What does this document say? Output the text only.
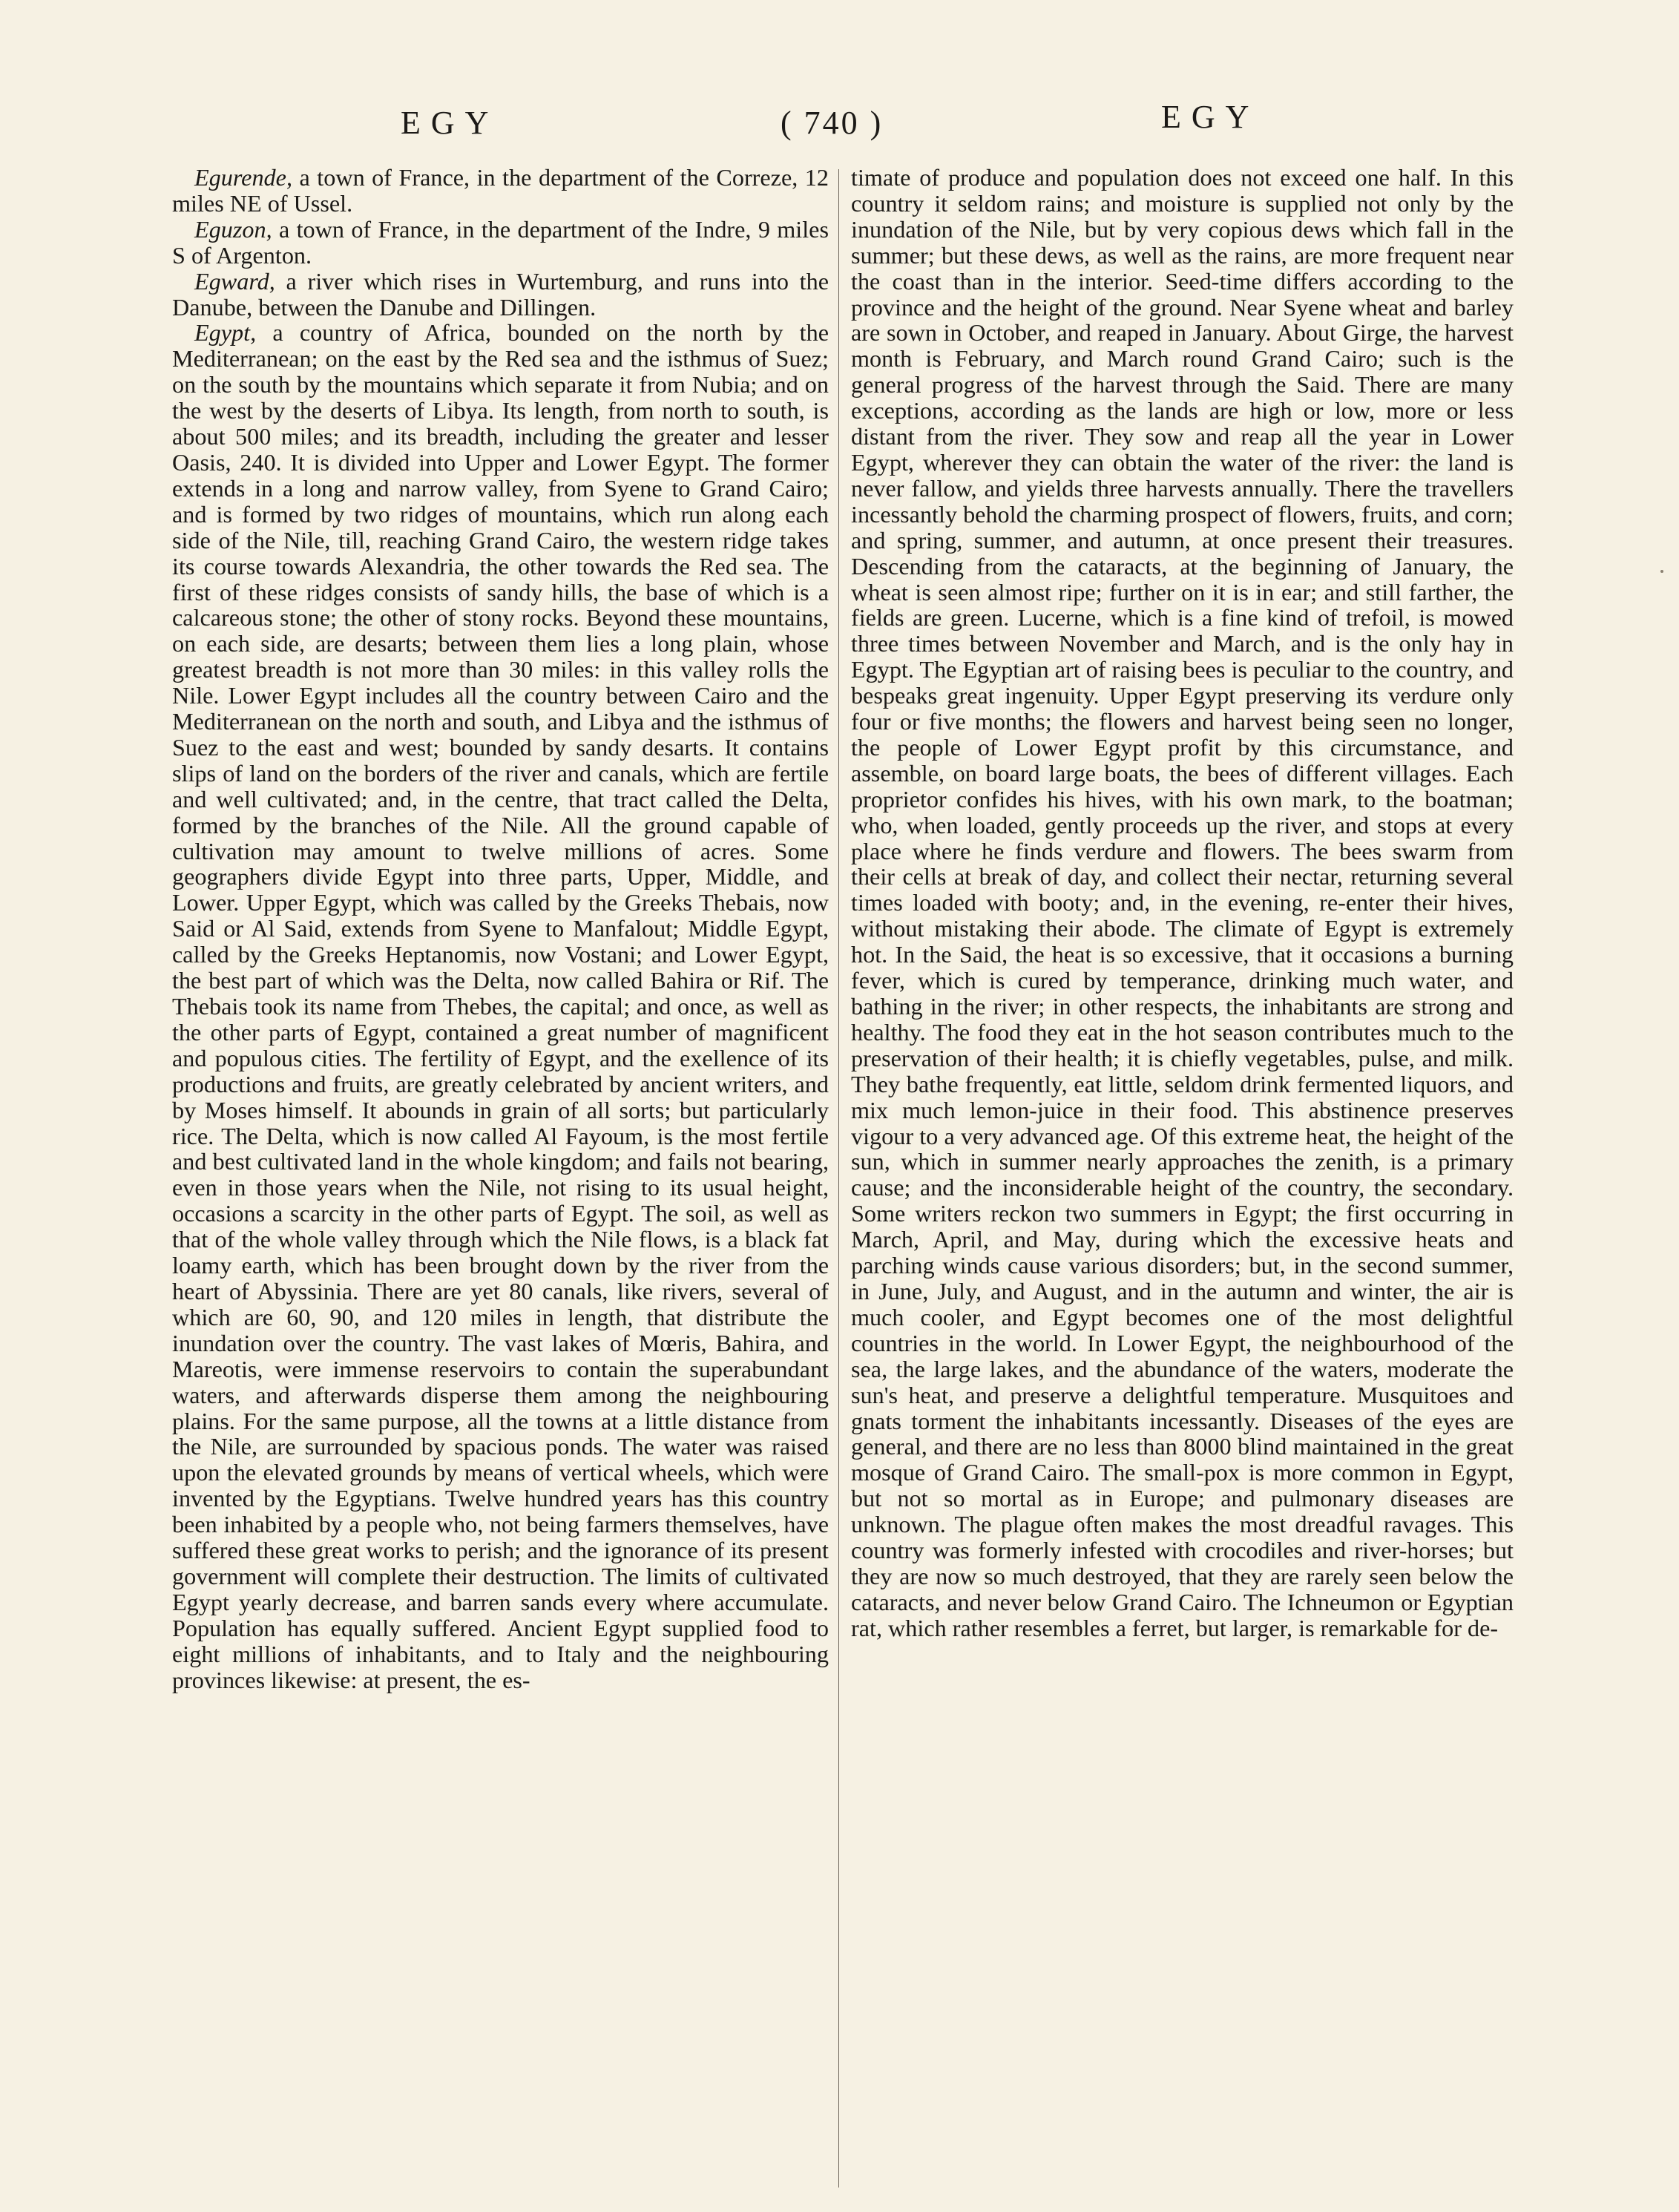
EGY	( 740 )	EGY

Egurende, a town of France, in the department of the Correze, 12 miles NE of Ussel.

Eguzon, a town of France, in the department of the Indre, 9 miles S of Argenton.

Egward, a river which rises in Wurtemburg, and runs into the Danube, between the Danube and Dillingen.

Egypt, a country of Africa, bounded on the north by the Mediterranean; on the east by the Red sea and the isthmus of Suez; on the south by the mountains which separate it from Nubia; and on the west by the deserts of Libya. Its length, from north to south, is about 500 miles; and its breadth, including the greater and lesser Oasis, 240. It is divided into Upper and Lower Egypt. The former extends in a long and narrow valley, from Syene to Grand Cairo; and is formed by two ridges of mountains, which run along each side of the Nile, till, reaching Grand Cairo, the western ridge takes its course towards Alexandria, the other towards the Red sea. The first of these ridges consists of sandy hills, the base of which is a calcareous stone; the other of stony rocks. Beyond these mountains, on each side, are desarts; between them lies a long plain, whose greatest breadth is not more than 30 miles: in this valley rolls the Nile. Lower Egypt includes all the country between Cairo and the Mediterranean on the north and south, and Libya and the isthmus of Suez to the east and west; bounded by sandy desarts. It contains slips of land on the borders of the river and canals, which are fertile and well cultivated; and, in the centre, that tract called the Delta, formed by the branches of the Nile. All the ground capable of cultivation may amount to twelve millions of acres. Some geographers divide Egypt into three parts, Upper, Middle, and Lower. Upper Egypt, which was called by the Greeks Thebais, now Said or Al Said, extends from Syene to Manfalout; Middle Egypt, called by the Greeks Heptanomis, now Vostani; and Lower Egypt, the best part of which was the Delta, now called Bahira or Rif. The Thebais took its name from Thebes, the capital; and once, as well as the other parts of Egypt, contained a great number of magnificent and populous cities. The fertility of Egypt, and the exellence of its productions and fruits, are greatly celebrated by ancient writers, and by Moses himself. It abounds in grain of all sorts; but particularly rice. The Delta, which is now called Al Fayoum, is the most fertile and best cultivated land in the whole kingdom; and fails not bearing, even in those years when the Nile, not rising to its usual height, occasions a scarcity in the other parts of Egypt. The soil, as well as that of the whole valley through which the Nile flows, is a black fat loamy earth, which has been brought down by the river from the heart of Abyssinia. There are yet 80 canals, like rivers, several of which are 60, 90, and 120 miles in length, that distribute the inundation over the country. The vast lakes of Mœris, Bahira, and Mareotis, were immense reservoirs to contain the superabundant waters, and afterwards disperse them among the neighbouring plains. For the same purpose, all the towns at a little distance from the Nile, are surrounded by spacious ponds. The water was raised upon the elevated grounds by means of vertical wheels, which were invented by the Egyptians. Twelve hundred years has this country been inhabited by a people who, not being farmers themselves, have suffered these great works to perish; and the ignorance of its present government will complete their destruction. The limits of cultivated Egypt yearly decrease, and barren sands every where accumulate. Population has equally suffered. Ancient Egypt supplied food to eight millions of inhabitants, and to Italy and the neighbouring provinces likewise: at present, the es-

timate of produce and population does not exceed one half. In this country it seldom rains; and moisture is supplied not only by the inundation of the Nile, but by very copious dews which fall in the summer; but these dews, as well as the rains, are more frequent near the coast than in the interior. Seed-time differs according to the province and the height of the ground. Near Syene wheat and barley are sown in October, and reaped in January. About Girge, the harvest month is February, and March round Grand Cairo; such is the general progress of the harvest through the Said. There are many exceptions, according as the lands are high or low, more or less distant from the river. They sow and reap all the year in Lower Egypt, wherever they can obtain the water of the river: the land is never fallow, and yields three harvests annually. There the travellers incessantly behold the charming prospect of flowers, fruits, and corn; and spring, summer, and autumn, at once present their treasures. Descending from the cataracts, at the beginning of January, the wheat is seen almost ripe; further on it is in ear; and still farther, the fields are green. Lucerne, which is a fine kind of trefoil, is mowed three times between November and March, and is the only hay in Egypt. The Egyptian art of raising bees is peculiar to the country, and bespeaks great ingenuity. Upper Egypt preserving its verdure only four or five months; the flowers and harvest being seen no longer, the people of Lower Egypt profit by this circumstance, and assemble, on board large boats, the bees of different villages. Each proprietor confides his hives, with his own mark, to the boatman; who, when loaded, gently proceeds up the river, and stops at every place where he finds verdure and flowers. The bees swarm from their cells at break of day, and collect their nectar, returning several times loaded with booty; and, in the evening, re-enter their hives, without mistaking their abode. The climate of Egypt is extremely hot. In the Said, the heat is so excessive, that it occasions a burning fever, which is cured by temperance, drinking much water, and bathing in the river; in other respects, the inhabitants are strong and healthy. The food they eat in the hot season contributes much to the preservation of their health; it is chiefly vegetables, pulse, and milk. They bathe frequently, eat little, seldom drink fermented liquors, and mix much lemon-juice in their food. This abstinence preserves vigour to a very advanced age. Of this extreme heat, the height of the sun, which in summer nearly approaches the zenith, is a primary cause; and the inconsiderable height of the country, the secondary. Some writers reckon two summers in Egypt; the first occurring in March, April, and May, during which the excessive heats and parching winds cause various disorders; but, in the second summer, in June, July, and August, and in the autumn and winter, the air is much cooler, and Egypt becomes one of the most delightful countries in the world. In Lower Egypt, the neighbourhood of the sea, the large lakes, and the abundance of the waters, moderate the sun's heat, and preserve a delightful temperature. Musquitoes and gnats torment the inhabitants incessantly. Diseases of the eyes are general, and there are no less than 8000 blind maintained in the great mosque of Grand Cairo. The small-pox is more common in Egypt, but not so mortal as in Europe; and pulmonary diseases are unknown. The plague often makes the most dreadful ravages. This country was formerly infested with crocodiles and river-horses; but they are now so much destroyed, that they are rarely seen below the cataracts, and never below Grand Cairo. The Ichneumon or Egyptian rat, which rather resembles a ferret, but larger, is remarkable for de-
